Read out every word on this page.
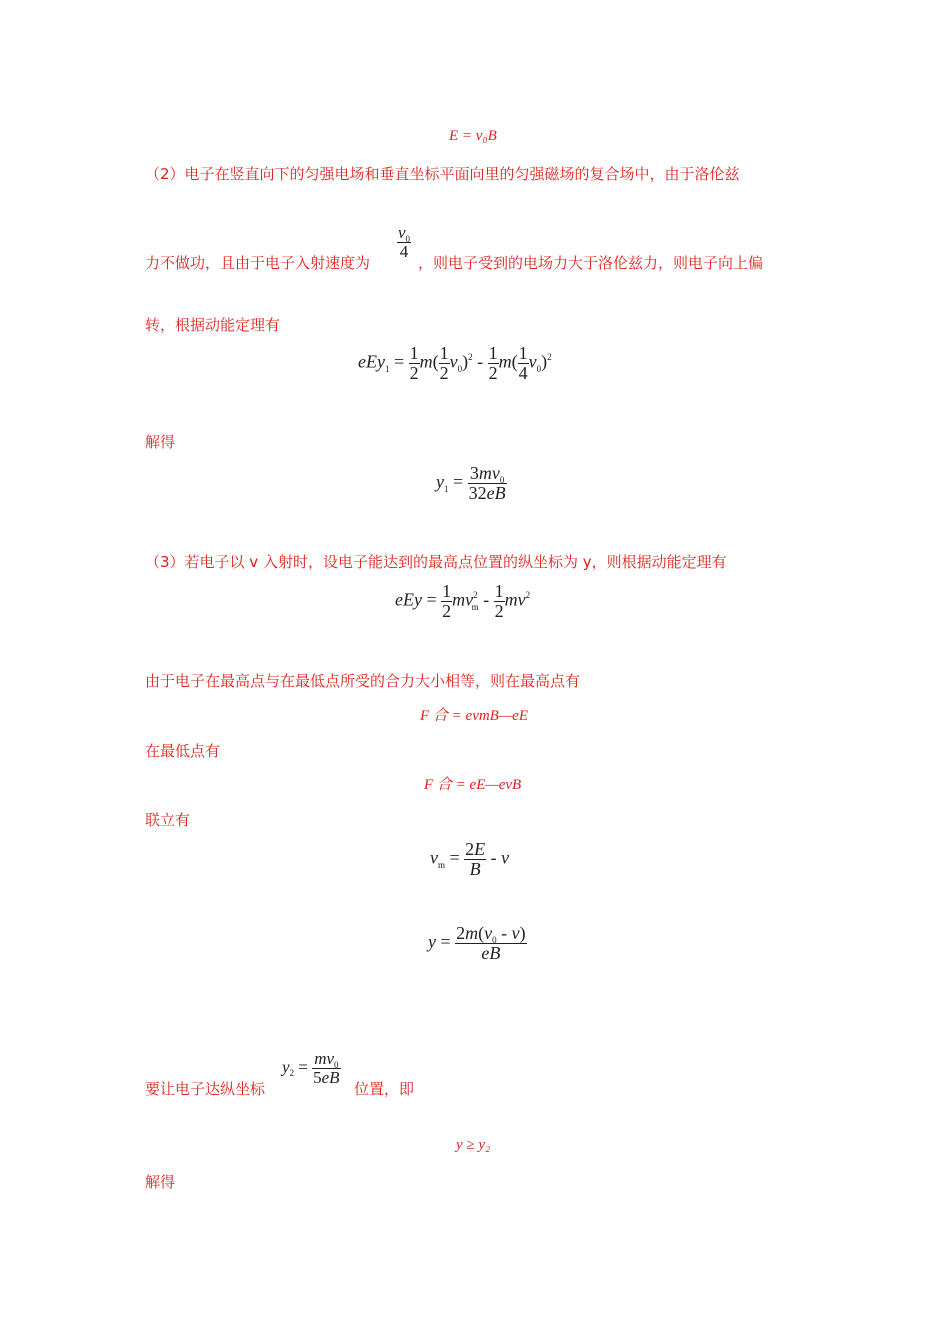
E = v₀B
（2）电子在竖直向下的匀强电场和垂直坐标平面向里的匀强磁场的复合场中，由于洛伦兹
力不做功，且由于电子入射速度为
$\frac{v_0}{4}$
，则电子受到的电场力大于洛伦兹力，则电子向上偏
转，根据动能定理有
$eEy_1 = \frac{1}{2} m( \frac{1}{2} v_0)^2 - \frac{1}{2} m( \frac{1}{4} v_0)^2$
解得
$y_1 = \frac{3mv_0}{32eB}$
（3）若电子以 v 入射时，设电子能达到的最高点位置的纵坐标为 y，则根据动能定理有
eEy = $\frac{1}{2} mv^2_m - \frac{1}{2} mv^2$
由于电子在最高点与在最低点所受的合力大小相等，则在最高点有
F 合 = evmB—eE
在最低点有
F 合 = eE—evB
联立有
$v_m = \frac{2E}{B} - v$
$y = \frac{2m(v_0 - v)}{eB}$
要让电子达纵坐标
$y_2 = \frac{mv_0}{5eB}$
位置，即
y ≥ y₂
解得
